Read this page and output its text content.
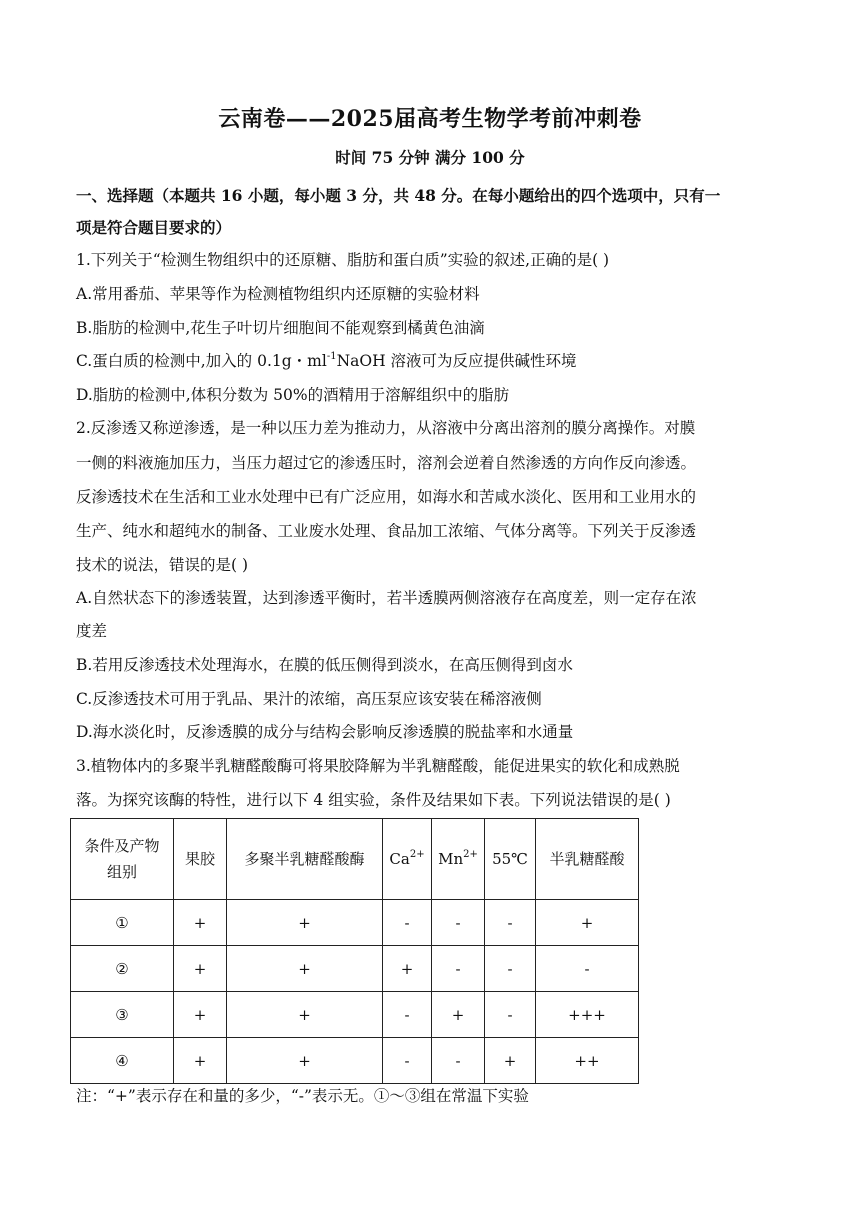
云南卷——2025届高考生物学考前冲刺卷
时间 75 分钟 满分 100 分
一、选择题（本题共 16 小题，每小题 3 分，共 48 分。在每小题给出的四个选项中，只有一
项是符合题目要求的）
1.下列关于“检测生物组织中的还原糖、脂肪和蛋白质”实验的叙述,正确的是( )
A.常用番茄、苹果等作为检测植物组织内还原糖的实验材料
B.脂肪的检测中,花生子叶切片细胞间不能观察到橘黄色油滴
C.蛋白质的检测中,加入的 0.1g・$ml^{-1}NaOH$ 溶液可为反应提供碱性环境
D.脂肪的检测中,体积分数为 50%的酒精用于溶解组织中的脂肪
2.反渗透又称逆渗透，是一种以压力差为推动力，从溶液中分离出溶剂的膜分离操作。对膜
一侧的料液施加压力，当压力超过它的渗透压时，溶剂会逆着自然渗透的方向作反向渗透。
反渗透技术在生活和工业水处理中已有广泛应用，如海水和苦咸水淡化、医用和工业用水的
生产、纯水和超纯水的制备、工业废水处理、食品加工浓缩、气体分离等。下列关于反渗透
技术的说法，错误的是( )
A.自然状态下的渗透装置，达到渗透平衡时，若半透膜两侧溶液存在高度差，则一定存在浓
度差
B.若用反渗透技术处理海水，在膜的低压侧得到淡水，在高压侧得到卤水
C.反渗透技术可用于乳品、果汁的浓缩，高压泵应该安装在稀溶液侧
D.海水淡化时，反渗透膜的成分与结构会影响反渗透膜的脱盐率和水通量
3.植物体内的多聚半乳糖醛酸酶可将果胶降解为半乳糖醛酸，能促进果实的软化和成熟脱
落。为探究该酶的特性，进行以下 4 组实验，条件及结果如下表。下列说法错误的是( )
条件及产物
组别	果胶	多聚半乳糖醛酸酶	$Ca^{2+}$	$Mn^{2+}$	55℃	半乳糖醛酸
①	+	+	-	-	-	+
②	+	+	+	-	-	-
③	+	+	-	+	-	+++
④	+	+	-	-	+	++
注：“+”表示存在和量的多少，“-”表示无。①～③组在常温下实验
